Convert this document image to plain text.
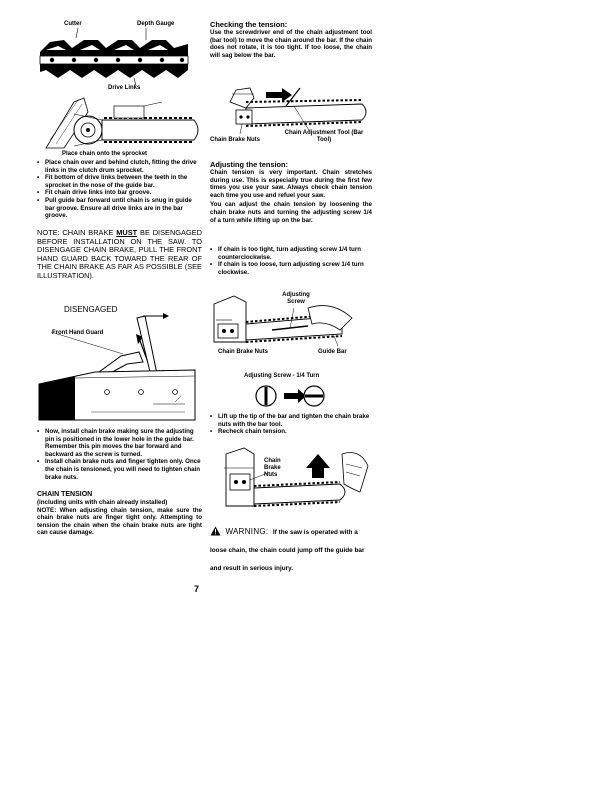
Cutter	Depth Gauge
Drive Links
Place chain onto the sprocket
• Place chain over and behind clutch, fitting the drive links in the clutch drum sprocket.
• Fit bottom of drive links between the teeth in the sprocket in the nose of the guide bar.
• Fit chain drive links into bar groove.
• Pull guide bar forward until chain is snug in guide bar groove. Ensure all drive links are in the bar groove.
NOTE: CHAIN BRAKE MUST BE DISENGAGED BEFORE INSTALLATION ON THE SAW. TO DISENGAGE CHAIN BRAKE, PULL THE FRONT HAND GUARD BACK TOWARD THE REAR OF THE CHAIN BRAKE AS FAR AS POSSIBLE (SEE ILLUSTRATION).
DISENGAGED
Front Hand Guard
• Now, install chain brake making sure the adjusting pin is positioned in the lower hole in the guide bar. Remember this pin moves the bar forward and backward as the screw is turned.
• Install chain brake nuts and finger tighten only. Once the chain is tensioned, you will need to tighten chain brake nuts.
CHAIN TENSION
(including units with chain already installed)
NOTE: When adjusting chain tension, make sure the chain brake nuts are finger tight only. Attempting to tension the chain when the chain brake nuts are tight can cause damage.
Checking the tension:
Use the screwdriver end of the chain adjustment tool (bar tool) to move the chain around the bar. If the chain does not rotate, it is too tight. If too loose, the chain will sag below the bar.
Chain Brake Nuts
Chain Adjustment Tool (Bar Tool)
Adjusting the tension:
Chain tension is very important. Chain stretches during use. This is especially true during the first few times you use your saw. Always check chain tension each time you use and refuel your saw.
You can adjust the chain tension by loosening the chain brake nuts and turning the adjusting screw 1/4 of a turn while lifting up on the bar.
• If chain is too tight, turn adjusting screw 1/4 turn counterclockwise.
• If chain is too loose, turn adjusting screw 1/4 turn clockwise.
Adjusting Screw
Chain Brake Nuts	Guide Bar
Adjusting Screw - 1/4 Turn
• Lift up the tip of the bar and tighten the chain brake nuts with the bar tool.
• Recheck chain tension.
Chain Brake Nuts
WARNING: If the saw is operated with a loose chain, the chain could jump off the guide bar and result in serious injury.
7
